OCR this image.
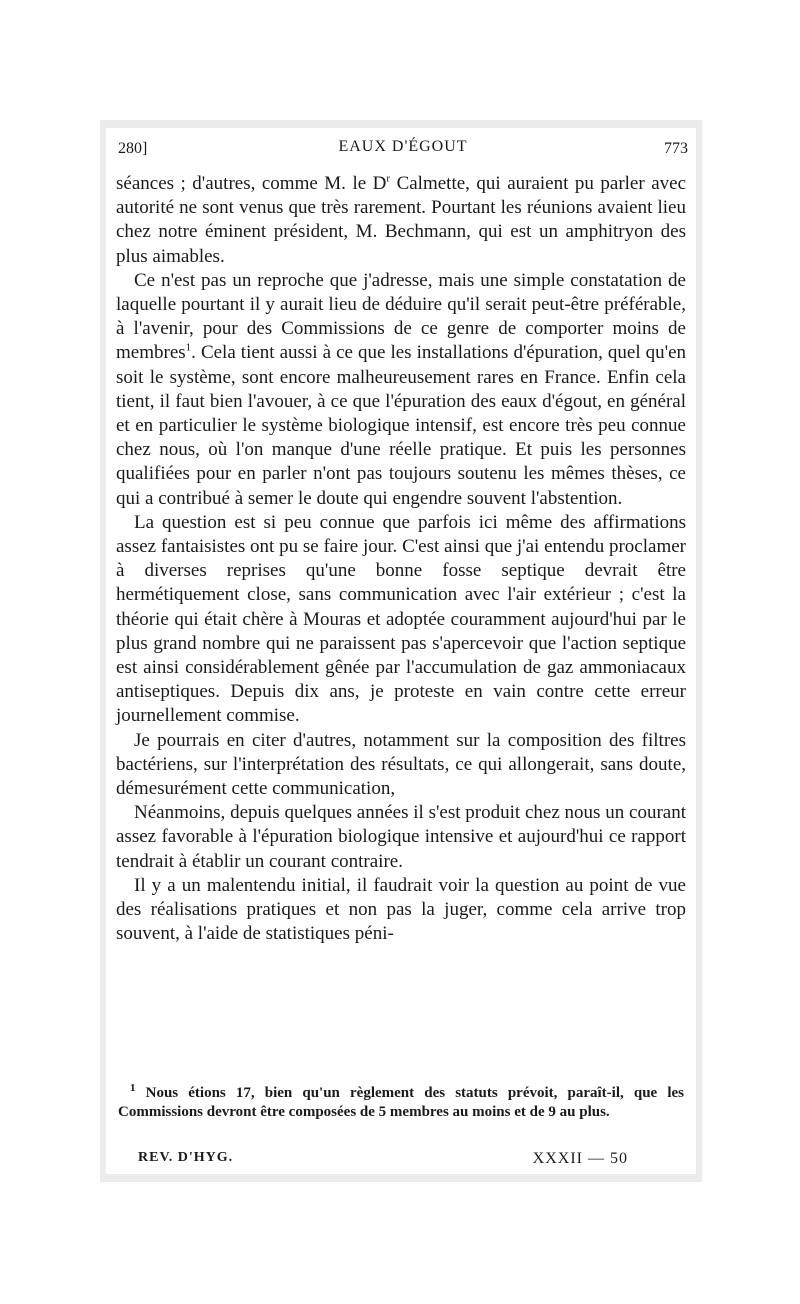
280]	EAUX D'ÉGOUT	773

séances ; d'autres, comme M. le $D^r$ Calmette, qui auraient pu parler avec autorité ne sont venus que très rarement. Pourtant les réunions avaient lieu chez notre éminent président, M. Bechmann, qui est un amphitryon des plus aimables.

Ce n'est pas un reproche que j'adresse, mais une simple constatation de laquelle pourtant il y aurait lieu de déduire qu'il serait peut-être préférable, à l'avenir, pour des Commissions de ce genre de comporter moins de membres$^1$. Cela tient aussi à ce que les installations d'épuration, quel qu'en soit le système, sont encore malheureusement rares en France. Enfin cela tient, il faut bien l'avouer, à ce que l'épuration des eaux d'égout, en général et en particulier le système biologique intensif, est encore très peu connue chez nous, où l'on manque d'une réelle pratique. Et puis les personnes qualifiées pour en parler n'ont pas toujours soutenu les mêmes thèses, ce qui a contribué à semer le doute qui engendre souvent l'abstention.

La question est si peu connue que parfois ici même des affirmations assez fantaisistes ont pu se faire jour. C'est ainsi que j'ai entendu proclamer à diverses reprises qu'une bonne fosse septique devrait être hermétiquement close, sans communication avec l'air extérieur ; c'est la théorie qui était chère à Mouras et adoptée couramment aujourd'hui par le plus grand nombre qui ne paraissent pas s'apercevoir que l'action septique est ainsi considérablement gênée par l'accumulation de gaz ammoniacaux antiseptiques. Depuis dix ans, je proteste en vain contre cette erreur journellement commise.

Je pourrais en citer d'autres, notamment sur la composition des filtres bactériens, sur l'interprétation des résultats, ce qui allongerait, sans doute, démesurément cette communication,

Néanmoins, depuis quelques années il s'est produit chez nous un courant assez favorable à l'épuration biologique intensive et aujourd'hui ce rapport tendrait à établir un courant contraire.

Il y a un malentendu initial, il faudrait voir la question au point de vue des réalisations pratiques et non pas la juger, comme cela arrive trop souvent, à l'aide de statistiques péni-

$^1$ Nous étions 17, bien qu'un règlement des statuts prévoit, paraît-il, que les Commissions devront être composées de 5 membres au moins et de 9 au plus.

REV. D'HYG.	XXXII — 50
